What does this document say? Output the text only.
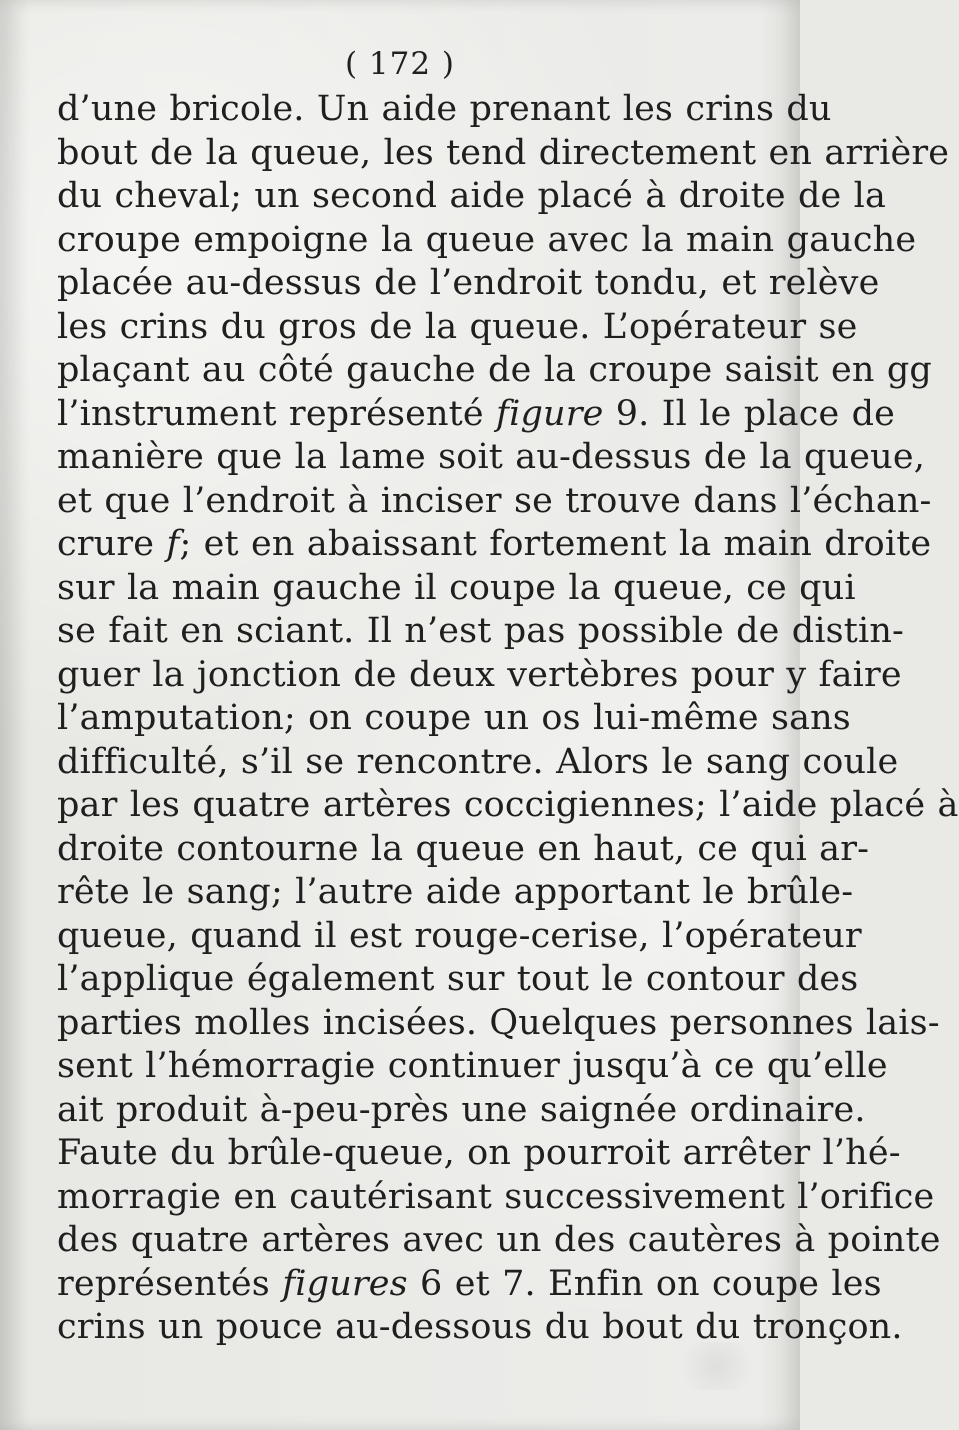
( 172 )
d’une bricole. Un aide prenant les crins du
bout de la queue, les tend directement en arrière
du cheval; un second aide placé à droite de la
croupe empoigne la queue avec la main gauche
placée au-dessus de l’endroit tondu, et relève
les crins du gros de la queue. L’opérateur se
plaçant au côté gauche de la croupe saisit en gg
l’instrument représenté figure 9. Il le place de
manière que la lame soit au-dessus de la queue,
et que l’endroit à inciser se trouve dans l’échan-
crure f; et en abaissant fortement la main droite
sur la main gauche il coupe la queue, ce qui
se fait en sciant. Il n’est pas possible de distin-
guer la jonction de deux vertèbres pour y faire
l’amputation; on coupe un os lui-même sans
difficulté, s’il se rencontre. Alors le sang coule
par les quatre artères coccigiennes; l’aide placé à
droite contourne la queue en haut, ce qui ar-
rête le sang; l’autre aide apportant le brûle-
queue, quand il est rouge-cerise, l’opérateur
l’applique également sur tout le contour des
parties molles incisées. Quelques personnes lais-
sent l’hémorragie continuer jusqu’à ce qu’elle
ait produit à-peu-près une saignée ordinaire.
Faute du brûle-queue, on pourroit arrêter l’hé-
morragie en cautérisant successivement l’orifice
des quatre artères avec un des cautères à pointe
représentés figures 6 et 7. Enfin on coupe les
crins un pouce au-dessous du bout du tronçon.
